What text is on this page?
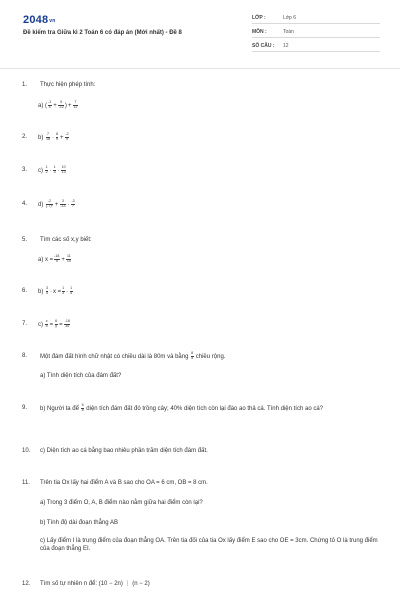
$2048_{vn}$
Đề kiểm tra Giữa kì 2 Toán 6 có đáp án (Mới nhất) - Đề 8
LỚP :	Lớp 6
MÔN :	Toán
SỐ CÂU : 12
1. Thực hiện phép tính:
a) ( $\frac{-1}{4} + \frac{5}{-12}$ )+ $\frac{7}{12}$
2. $b) \frac{7}{18} \cdot \frac{8}{9} + \frac{-2}{9}$
3. $c) \frac{1}{2} \cdot \frac{1}{3} \cdot \frac{10}{13}$
4. $d) \frac{-2}{\text{(-7)²}} + \frac{3}{-13} \cdot \frac{-3}{7}$
5. Tìm các số x,y biết:
a) $x = \frac{-18}{5} + \frac{11}{10}$
6. $b) \frac{3}{4} \cdot x = \frac{1}{3} \cdot \frac{1}{4}$
7. $c) \frac{x}{5} = \frac{6}{y} = \frac{-18}{30}$
8. Một đám đất hình chữ nhật có chiều dài là 80m và bằng $\frac{8}{5}$ chiều rộng.
a) Tính diện tích của đám đất?
9. b) Người ta để $\frac{5}{8}$ diện tích đám đất đó trồng cây; 40% diện tích còn lại đào ao thả cá. Tính diện tích ao cá?
10. c) Diện tích ao cá bằng bao nhiêu phần trăm diện tích đám đất.
11. Trên tia Ox lấy hai điểm A và B sao cho OA = 6 cm, OB = 8 cm.
a) Trong 3 điểm O, A, B điểm nào nằm giữa hai điểm còn lại?
b) Tính độ dài đoạn thẳng AB
c) Lấy điểm I là trung điểm của đoạn thẳng OA. Trên tia đối của tia Ox lấy điểm E sao cho OE = 3cm. Chứng tỏ O là trung điểm của đoạn thẳng EI.
12. Tìm số tự nhiên n để: (10 − 2n) ⋮ (n − 2)
